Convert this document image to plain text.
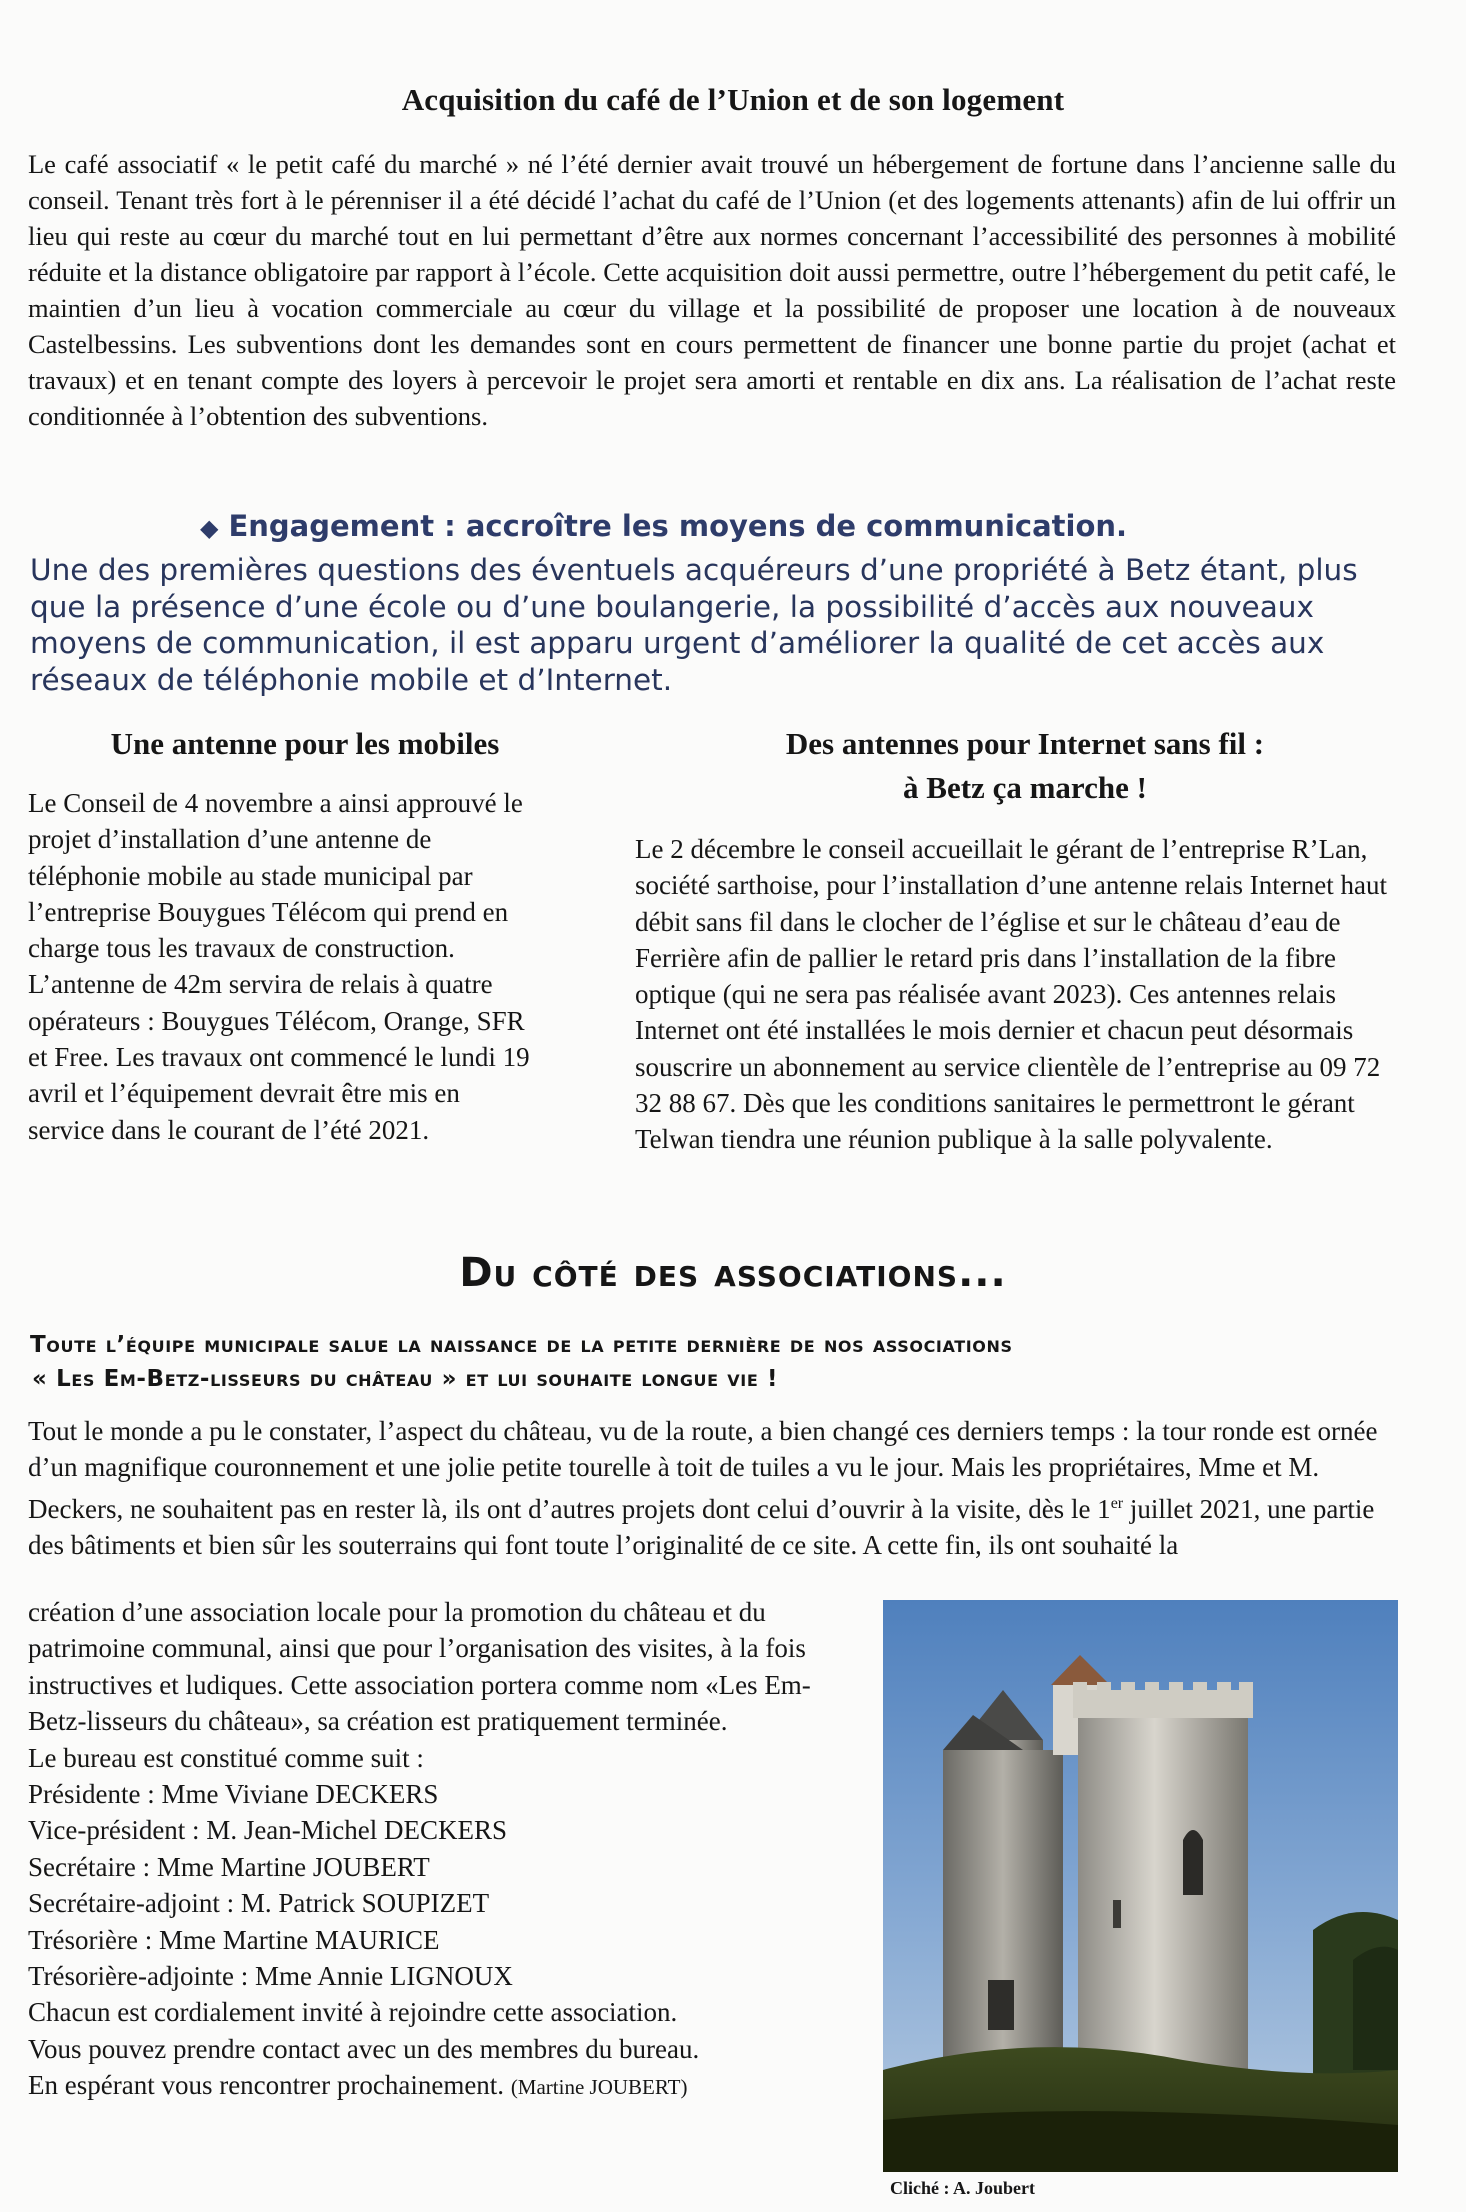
Acquisition du café de l’Union et de son logement

Le café associatif « le petit café du marché » né l’été dernier avait trouvé un hébergement de fortune dans l’ancienne salle du conseil. Tenant très fort à le pérenniser il a été décidé l’achat du café de l’Union (et des logements attenants) afin de lui offrir un lieu qui reste au cœur du marché tout en lui permettant d’être aux normes concernant l’accessibilité des personnes à mobilité réduite et la distance obligatoire par rapport à l’école. Cette acquisition doit aussi permettre, outre l’hébergement du petit café, le maintien d’un lieu à vocation commerciale au cœur du village et la possibilité de proposer une location à de nouveaux Castelbessins. Les subventions dont les demandes sont en cours permettent de financer une bonne partie du projet (achat et travaux) et en tenant compte des loyers à percevoir le projet sera amorti et rentable en dix ans. La réalisation de l’achat reste conditionnée à l’obtention des subventions.

◆ Engagement : accroître les moyens de communication.

Une des premières questions des éventuels acquéreurs d’une propriété à Betz étant, plus que la présence d’une école ou d’une boulangerie, la possibilité d’accès aux nouveaux moyens de communication, il est apparu urgent d’améliorer la qualité de cet accès aux réseaux de téléphonie mobile et d’Internet.

Une antenne pour les mobiles	Des antennes pour Internet sans fil :
à Betz ça marche !

Le Conseil de 4 novembre a ainsi approuvé le projet d’installation d’une antenne de téléphonie mobile au stade municipal par l’entreprise Bouygues Télécom qui prend en charge tous les travaux de construction. L’antenne de 42m servira de relais à quatre opérateurs : Bouygues Télécom, Orange, SFR et Free. Les travaux ont commencé le lundi 19 avril et l’équipement devrait être mis en service dans le courant de l’été 2021.

Le 2 décembre le conseil accueillait le gérant de l’entreprise R’Lan, société sarthoise, pour l’installation d’une antenne relais Internet haut débit sans fil dans le clocher de l’église et sur le château d’eau de Ferrière afin de pallier le retard pris dans l’installation de la fibre optique (qui ne sera pas réalisée avant 2023). Ces antennes relais Internet ont été installées le mois dernier et chacun peut désormais souscrire un abonnement au service clientèle de l’entreprise au 09 72 32 88 67. Dès que les conditions sanitaires le permettront le gérant Telwan tiendra une réunion publique à la salle polyvalente.

Du côté des associations...
Toute l’équipe municipale salue la naissance de la petite dernière de nos associations
« Les Em-Betz-lisseurs du château » et lui souhaite longue vie !

Tout le monde a pu le constater, l’aspect du château, vu de la route, a bien changé ces derniers temps : la tour ronde est ornée d’un magnifique couronnement et une jolie petite tourelle à toit de tuiles a vu le jour. Mais les propriétaires, Mme et M. Deckers, ne souhaitent pas en rester là, ils ont d’autres projets dont celui d’ouvrir à la visite, dès le 1er juillet 2021, une partie des bâtiments et bien sûr les souterrains qui font toute l’originalité de ce site. A cette fin, ils ont souhaité la

création d’une association locale pour la promotion du château et du patrimoine communal, ainsi que pour l’organisation des visites, à la fois instructives et ludiques. Cette association portera comme nom «Les Em-Betz-lisseurs du château», sa création est pratiquement terminée.
Le bureau est constitué comme suit :
Présidente : Mme Viviane DECKERS
Vice-président : M. Jean-Michel DECKERS
Secrétaire : Mme Martine JOUBERT
Secrétaire-adjoint : M. Patrick SOUPIZET
Trésorière : Mme Martine MAURICE
Trésorière-adjointe : Mme Annie LIGNOUX
Chacun est cordialement invité à rejoindre cette association.
Vous pouvez prendre contact avec un des membres du bureau.
En espérant vous rencontrer prochainement. (Martine JOUBERT)
Cliché : A. Joubert
